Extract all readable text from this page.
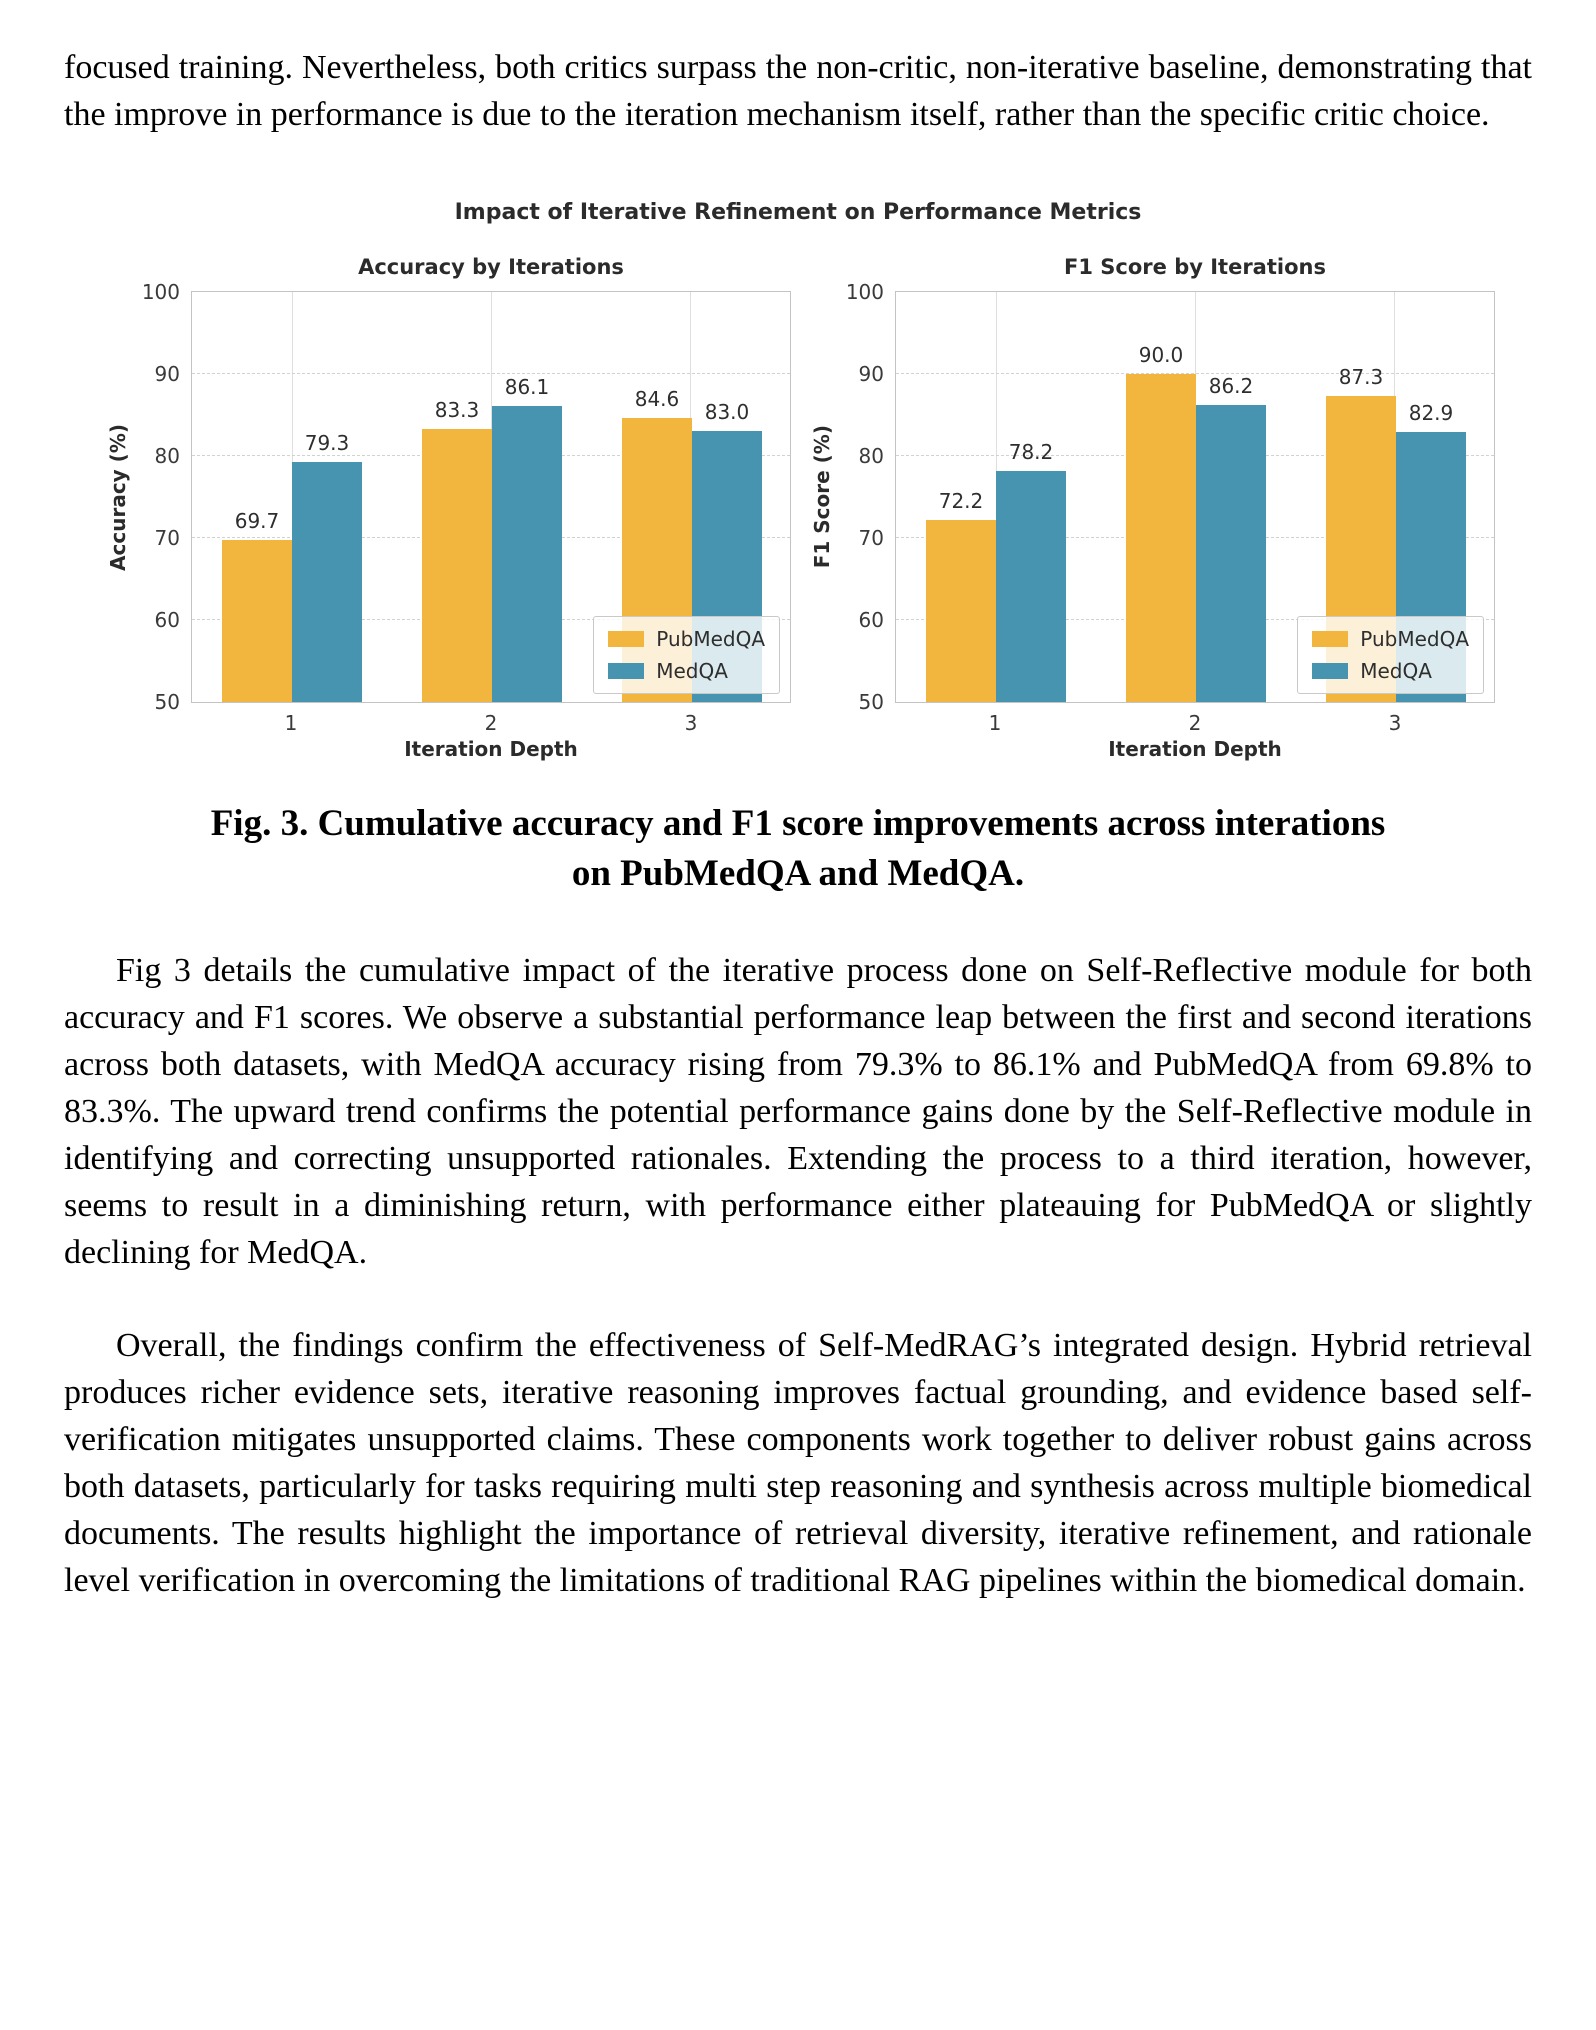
focused training. Nevertheless, both critics surpass the non-critic, non-iterative baseline, demonstrating that the improve in performance is due to the iteration mechanism itself, rather than the specific critic choice.

Impact of Iterative Refinement on Performance Metrics
Accuracy by Iterations
69.7
83.3	84.6
79.3
86.1
83.0
50
60
70
80
90
100
Accuracy (%)
PubMedQA
MedQA
1	2	3
Iteration Depth
F1 Score by Iterations
72.2
90.0
87.3
78.2
86.2
82.9
50
60
70
80
90
100
F1 Score (%)
PubMedQA
MedQA
1	2	3
Iteration Depth
Fig. 3. Cumulative accuracy and F1 score improvements across interations
on PubMedQA and MedQA.

Fig 3 details the cumulative impact of the iterative process done on Self-Reflective module for both accuracy and F1 scores. We observe a substantial performance leap between the first and second iterations across both datasets, with MedQA accuracy rising from 79.3% to 86.1% and PubMedQA from 69.8% to 83.3%. The upward trend confirms the potential performance gains done by the Self-Reflective module in identifying and correcting unsupported rationales. Extending the process to a third iteration, however, seems to result in a diminishing return, with performance either plateauing for PubMedQA or slightly declining for MedQA.

Overall, the findings confirm the effectiveness of Self-MedRAG’s integrated design. Hybrid retrieval produces richer evidence sets, iterative reasoning improves factual grounding, and evidence based self-verification mitigates unsupported claims. These components work together to deliver robust gains across both datasets, particularly for tasks requiring multi step reasoning and synthesis across multiple biomedical documents. The results highlight the importance of retrieval diversity, iterative refinement, and rationale level verification in overcoming the limitations of traditional RAG pipelines within the biomedical domain.
